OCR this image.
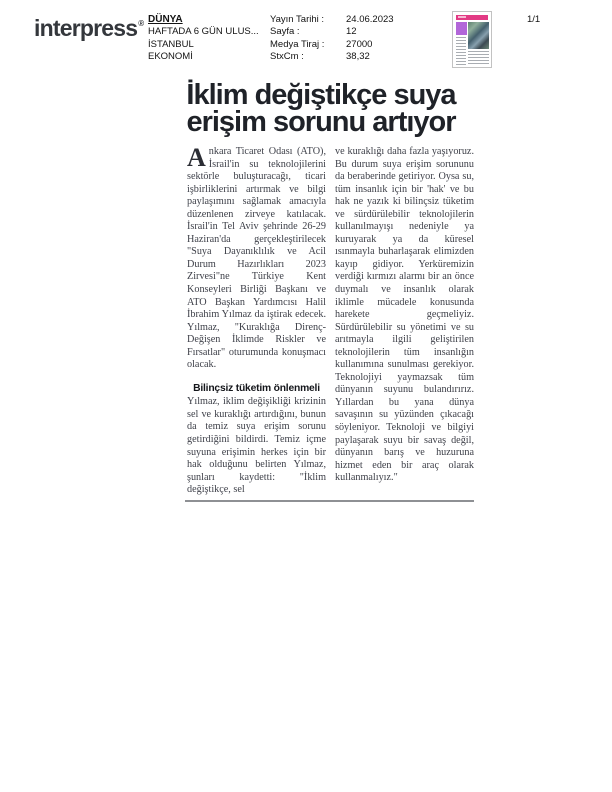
interpress® DÜNYA
HAFTADA 6 GÜN ULUS...
İSTANBUL
EKONOMİ
Yayın Tarihi :	24.06.2023
Sayfa :	12
Medya Tiraj :	27000
StxCm :	38,32
1/1
İklim değiştikçe suya
erişim sorunu artıyor

Ankara Ticaret Odası (ATO), İsrail'in su teknolojilerini sektörle buluşturacağı, ticari işbirliklerini artırmak ve bilgi paylaşımını sağlamak amacıyla düzenlenen zirveye katılacak. İsrail'in Tel Aviv şehrinde 26-29 Haziran'da gerçekleştirilecek "Suya Dayanıklılık ve Acil Durum Hazırlıkları 2023 Zirvesi"ne Türkiye Kent Konseyleri Birliği Başkanı ve ATO Başkan Yardımcısı Halil İbrahim Yılmaz da iştirak edecek. Yılmaz, "Kuraklığa Direnç-Değişen İklimde Riskler ve Fırsatlar" oturumunda konuşmacı olacak.

Bilinçsiz tüketim önlenmeli

Yılmaz, iklim değişikliği krizinin sel ve kuraklığı artırdığını, bunun da temiz suya erişim sorunu getirdiğini bildirdi. Temiz içme suyuna erişimin herkes için bir hak olduğunu belirten Yılmaz, şunları kaydetti: "İklim değiştikçe, sel

ve kuraklığı daha fazla yaşıyoruz. Bu durum suya erişim sorununu da beraberinde getiriyor. Oysa su, tüm insanlık için bir 'hak' ve bu hak ne yazık ki bilinçsiz tüketim ve sürdürülebilir teknolojilerin kullanılmayışı nedeniyle ya kuruyarak ya da küresel ısınmayla buharlaşarak elimizden kayıp gidiyor. Yerküremizin verdiği kırmızı alarmı bir an önce duymalı ve insanlık olarak iklimle mücadele konusunda harekete geçmeliyiz. Sürdürülebilir su yönetimi ve su arıtmayla ilgili geliştirilen teknolojilerin tüm insanlığın kullanımına sunulması gerekiyor. Teknolojiyi yaymazsak tüm dünyanın suyunu bulandırırız. Yıllardan bu yana dünya savaşının su yüzünden çıkacağı söyleniyor. Teknoloji ve bilgiyi paylaşarak suyu bir savaş değil, dünyanın barış ve huzuruna hizmet eden bir araç olarak kullanmalıyız."
